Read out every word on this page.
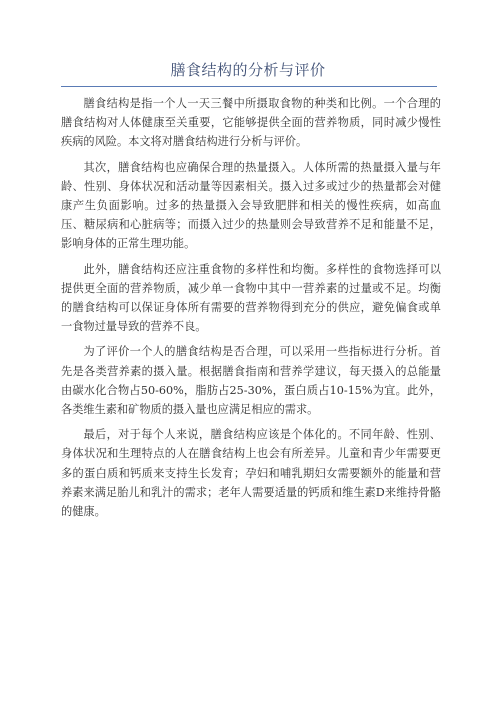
膳食结构的分析与评价

膳食结构是指一个人一天三餐中所摄取食物的种类和比例。一个合理的膳食结构对人体健康至关重要，它能够提供全面的营养物质，同时减少慢性疾病的风险。本文将对膳食结构进行分析与评价。

其次，膳食结构也应确保合理的热量摄入。人体所需的热量摄入量与年龄、性别、身体状况和活动量等因素相关。摄入过多或过少的热量都会对健康产生负面影响。过多的热量摄入会导致肥胖和相关的慢性疾病，如高血压、糖尿病和心脏病等；而摄入过少的热量则会导致营养不足和能量不足，影响身体的正常生理功能。

此外，膳食结构还应注重食物的多样性和均衡。多样性的食物选择可以提供更全面的营养物质，减少单一食物中其中一营养素的过量或不足。均衡的膳食结构可以保证身体所有需要的营养物得到充分的供应，避免偏食或单一食物过量导致的营养不良。

为了评价一个人的膳食结构是否合理，可以采用一些指标进行分析。首先是各类营养素的摄入量。根据膳食指南和营养学建议，每天摄入的总能量由碳水化合物占50-60%，脂肪占25-30%，蛋白质占10-15%为宜。此外，各类维生素和矿物质的摄入量也应满足相应的需求。

最后，对于每个人来说，膳食结构应该是个体化的。不同年龄、性别、身体状况和生理特点的人在膳食结构上也会有所差异。儿童和青少年需要更多的蛋白质和钙质来支持生长发育；孕妇和哺乳期妇女需要额外的能量和营养素来满足胎儿和乳汁的需求；老年人需要适量的钙质和维生素D来维持骨骼的健康。
